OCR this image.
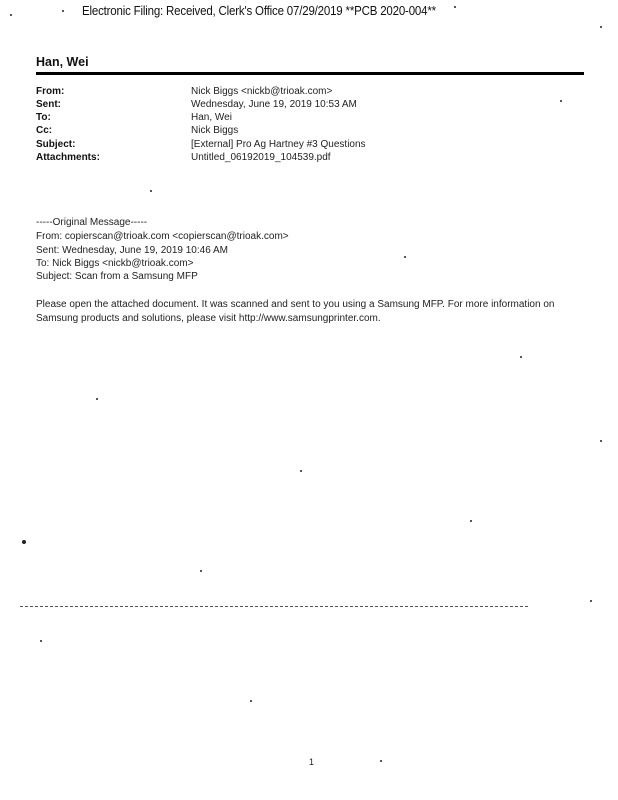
Electronic Filing: Received, Clerk's Office 07/29/2019 **PCB 2020-004**
Han, Wei
From:	Nick Biggs <nickb@trioak.com>
Sent:	Wednesday, June 19, 2019 10:53 AM
To:	Han, Wei
Cc:	Nick Biggs
Subject:	[External] Pro Ag Hartney #3 Questions
Attachments:	Untitled_06192019_104539.pdf
-----Original Message-----
From: copierscan@trioak.com <copierscan@trioak.com>
Sent: Wednesday, June 19, 2019 10:46 AM
To: Nick Biggs <nickb@trioak.com>
Subject: Scan from a Samsung MFP
Please open the attached document. It was scanned and sent to you using a Samsung MFP. For more information on
Samsung products and solutions, please visit http://www.samsungprinter.com.
1
